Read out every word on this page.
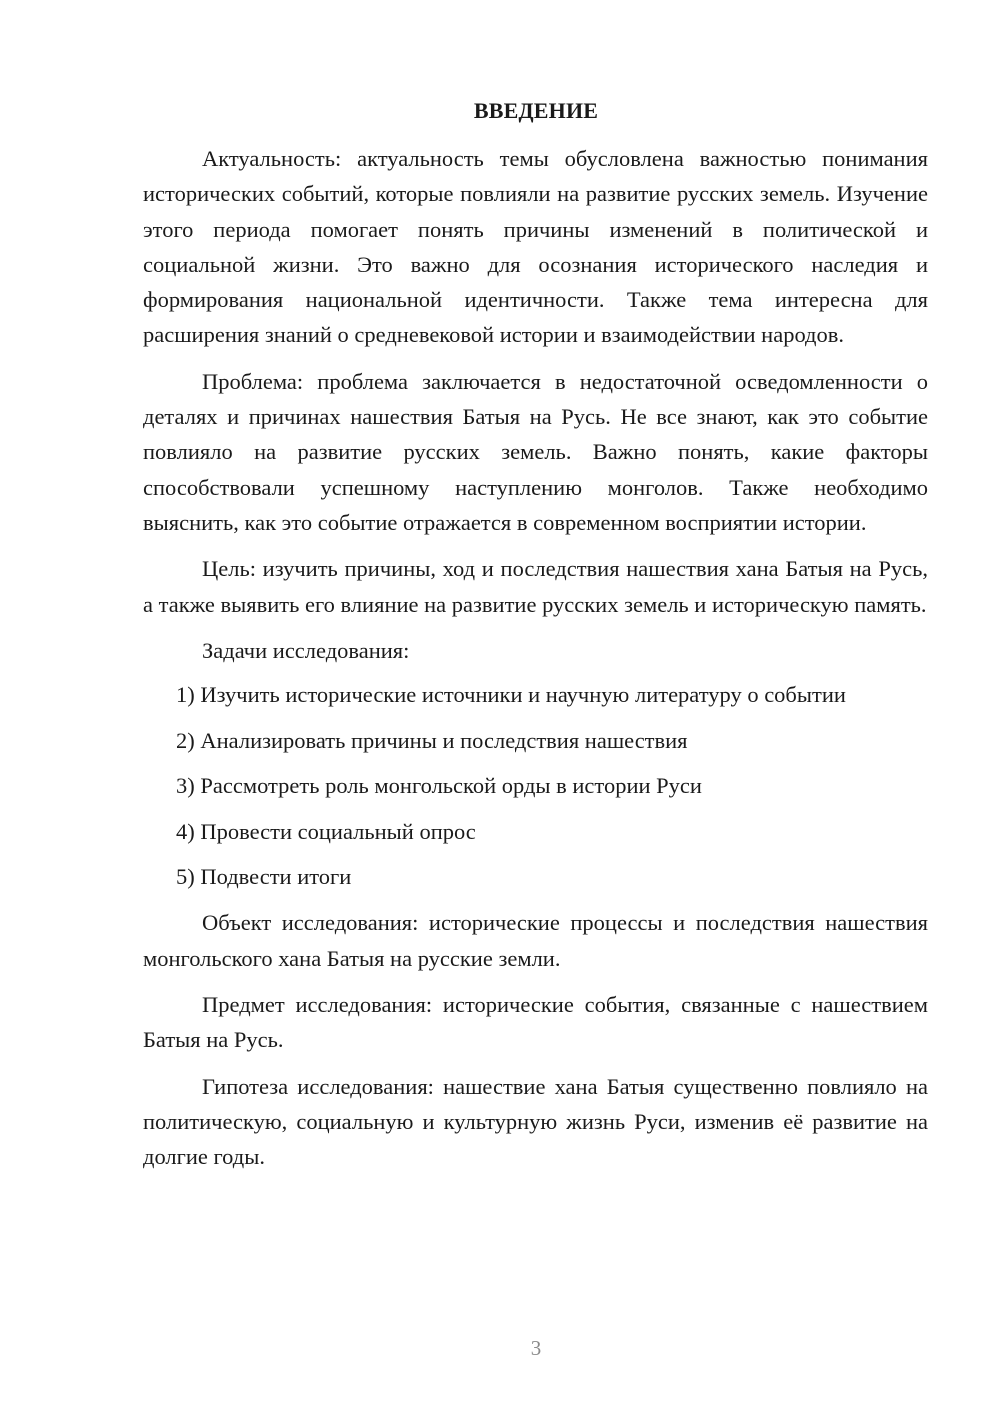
ВВЕДЕНИЕ

Актуальность: актуальность темы обусловлена важностью понимания исторических событий, которые повлияли на развитие русских земель. Изучение этого периода помогает понять причины изменений в политической и социальной жизни. Это важно для осознания исторического наследия и формирования национальной идентичности. Также тема интересна для расширения знаний о средневековой истории и взаимодействии народов.

Проблема: проблема заключается в недостаточной осведомленности о деталях и причинах нашествия Батыя на Русь. Не все знают, как это событие повлияло на развитие русских земель. Важно понять, какие факторы способствовали успешному наступлению монголов. Также необходимо выяснить, как это событие отражается в современном восприятии истории.

Цель: изучить причины, ход и последствия нашествия хана Батыя на Русь, а также выявить его влияние на развитие русских земель и историческую память.

Задачи исследования:

1) Изучить исторические источники и научную литературу о событии
2) Анализировать причины и последствия нашествия
3) Рассмотреть роль монгольской орды в истории Руси
4) Провести социальный опрос
5) Подвести итоги

Объект исследования: исторические процессы и последствия нашествия монгольского хана Батыя на русские земли.

Предмет исследования: исторические события, связанные с нашествием Батыя на Русь.

Гипотеза исследования: нашествие хана Батыя существенно повлияло на политическую, социальную и культурную жизнь Руси, изменив её развитие на долгие годы.

3
